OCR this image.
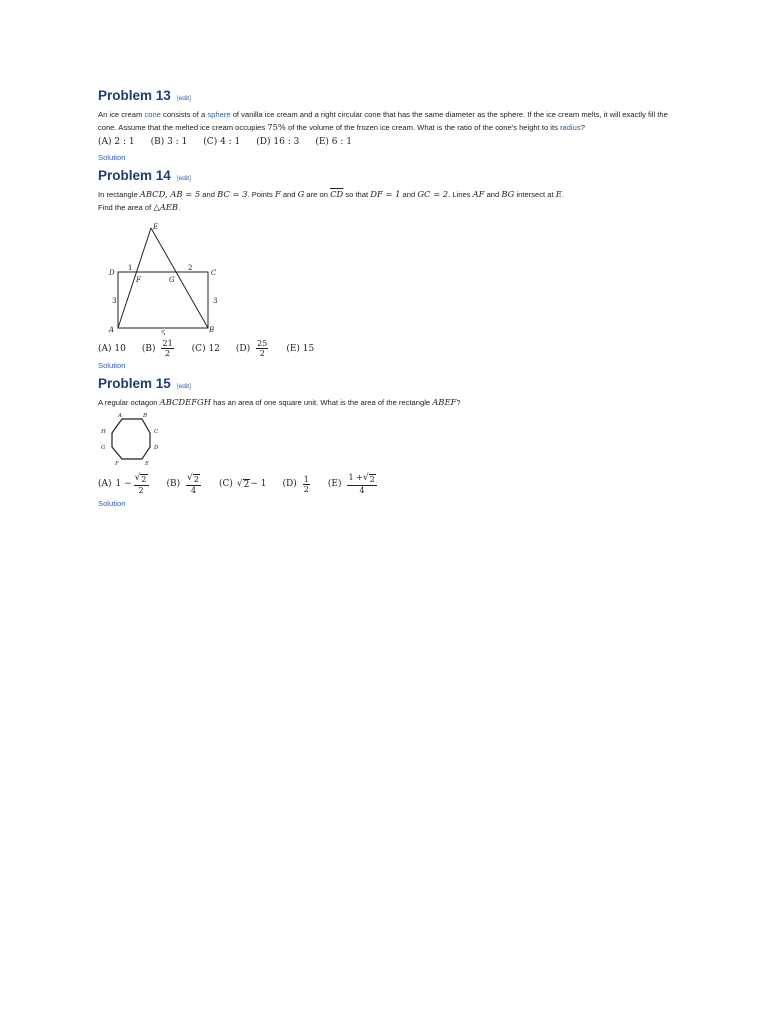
Problem 13 [edit]
An ice cream cone consists of a sphere of vanilla ice cream and a right circular cone that has the same diameter as the sphere. If the ice cream melts, it will exactly fill the cone. Assume that the melted ice cream occupies 75% of the volume of the frozen ice cream. What is the ratio of the cone's height to its radius?
(A) 2 : 1 (B) 3 : 1 (C) 4 : 1 (D) 16 : 3 (E) 6 : 1
Solution
Problem 14 [edit]
In rectangle ABCD, AB = 5 and BC = 3. Points F and G are on $\overline{CD}$ so that DF = 1 and GC = 2. Lines AF and BG intersect at E.
Find the area of △AEB.
E
D	C
A	B
F	G
1	2
3	3
5
(A) 10 $(B) \frac{21}{2} (C)$ 12 $(D) \frac{25}{2} (E)$ 15
Solution
Problem 15 [edit]
A regular octagon ABCDEFGH has an area of one square unit. What is the area of the rectangle ABEF?
A	B
C
D
E
F
G
H
(A) $1 - \frac{√ 2}{2} (B) \frac{√ 2}{4} (C)$ √ 2 − 1 $(D) \frac{1}{2} (E) \frac{1 + √ 2}{4}$
Solution
